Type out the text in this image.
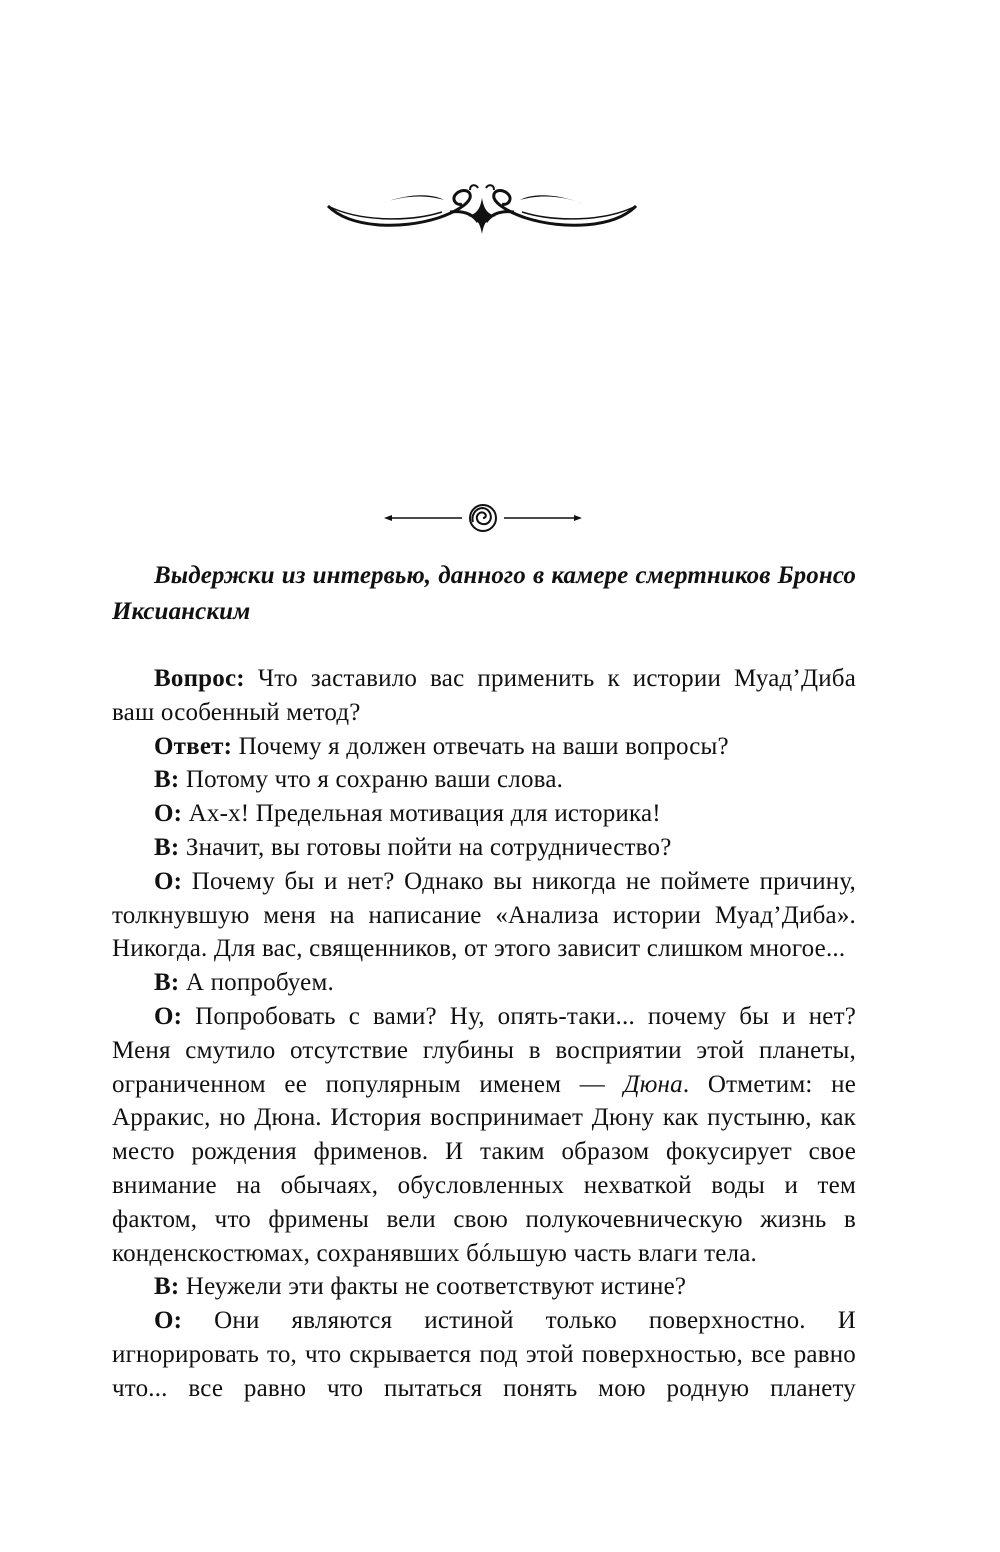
Выдержки из интервью, данного в камере смертников Бронсо Иксианским

Вопрос: Что заставило вас применить к истории Муад’Диба ваш особенный метод?

Ответ: Почему я должен отвечать на ваши вопросы?

В: Потому что я сохраню ваши слова.

О: Ах-х! Предельная мотивация для историка!

В: Значит, вы готовы пойти на сотрудничество?

О: Почему бы и нет? Однако вы никогда не поймете причину, толкнувшую меня на написание «Анализа истории Муад’Диба». Никогда. Для вас, священников, от этого зависит слишком многое...

В: А попробуем.

О: Попробовать с вами? Ну, опять-таки... почему бы и нет? Меня смутило отсутствие глубины в восприятии этой планеты, ограниченном ее популярным именем — Дюна. Отметим: не Арракис, но Дюна. История воспринимает Дюну как пустыню, как место рождения фрименов. И таким образом фокусирует свое внимание на обычаях, обусловленных нехваткой воды и тем фактом, что фримены вели свою полукочевническую жизнь в конденскостюмах, сохранявших бóльшую часть влаги тела.

В: Неужели эти факты не соответствуют истине?

О: Они являются истиной только поверхностно. И игнорировать то, что скрывается под этой поверхностью, все равно что... все равно что пытаться понять мою родную планету
